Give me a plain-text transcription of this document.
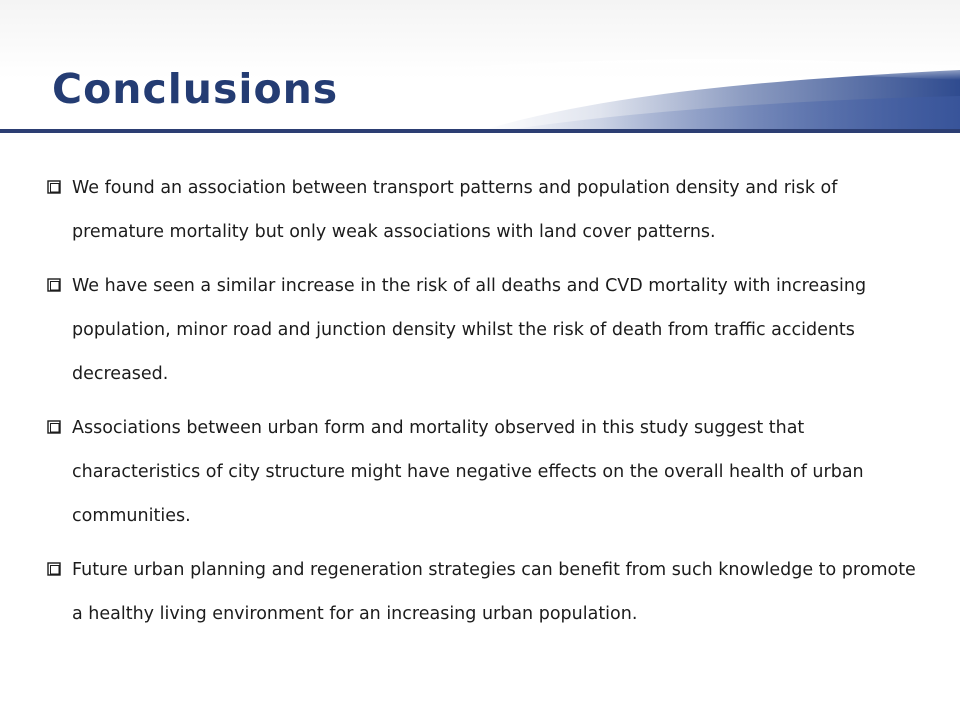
Conclusions
We found an association between transport patterns and population density and risk of premature mortality but only weak associations with land cover patterns.
We have seen a similar increase in the risk of all deaths and CVD mortality with increasing population, minor road and junction density whilst the risk of death from traffic accidents decreased.
Associations between urban form and mortality observed in this study suggest that characteristics of city structure might have negative effects on the overall health of urban communities.
Future urban planning and regeneration strategies can benefit from such knowledge to promote a healthy living environment for an increasing urban population.
